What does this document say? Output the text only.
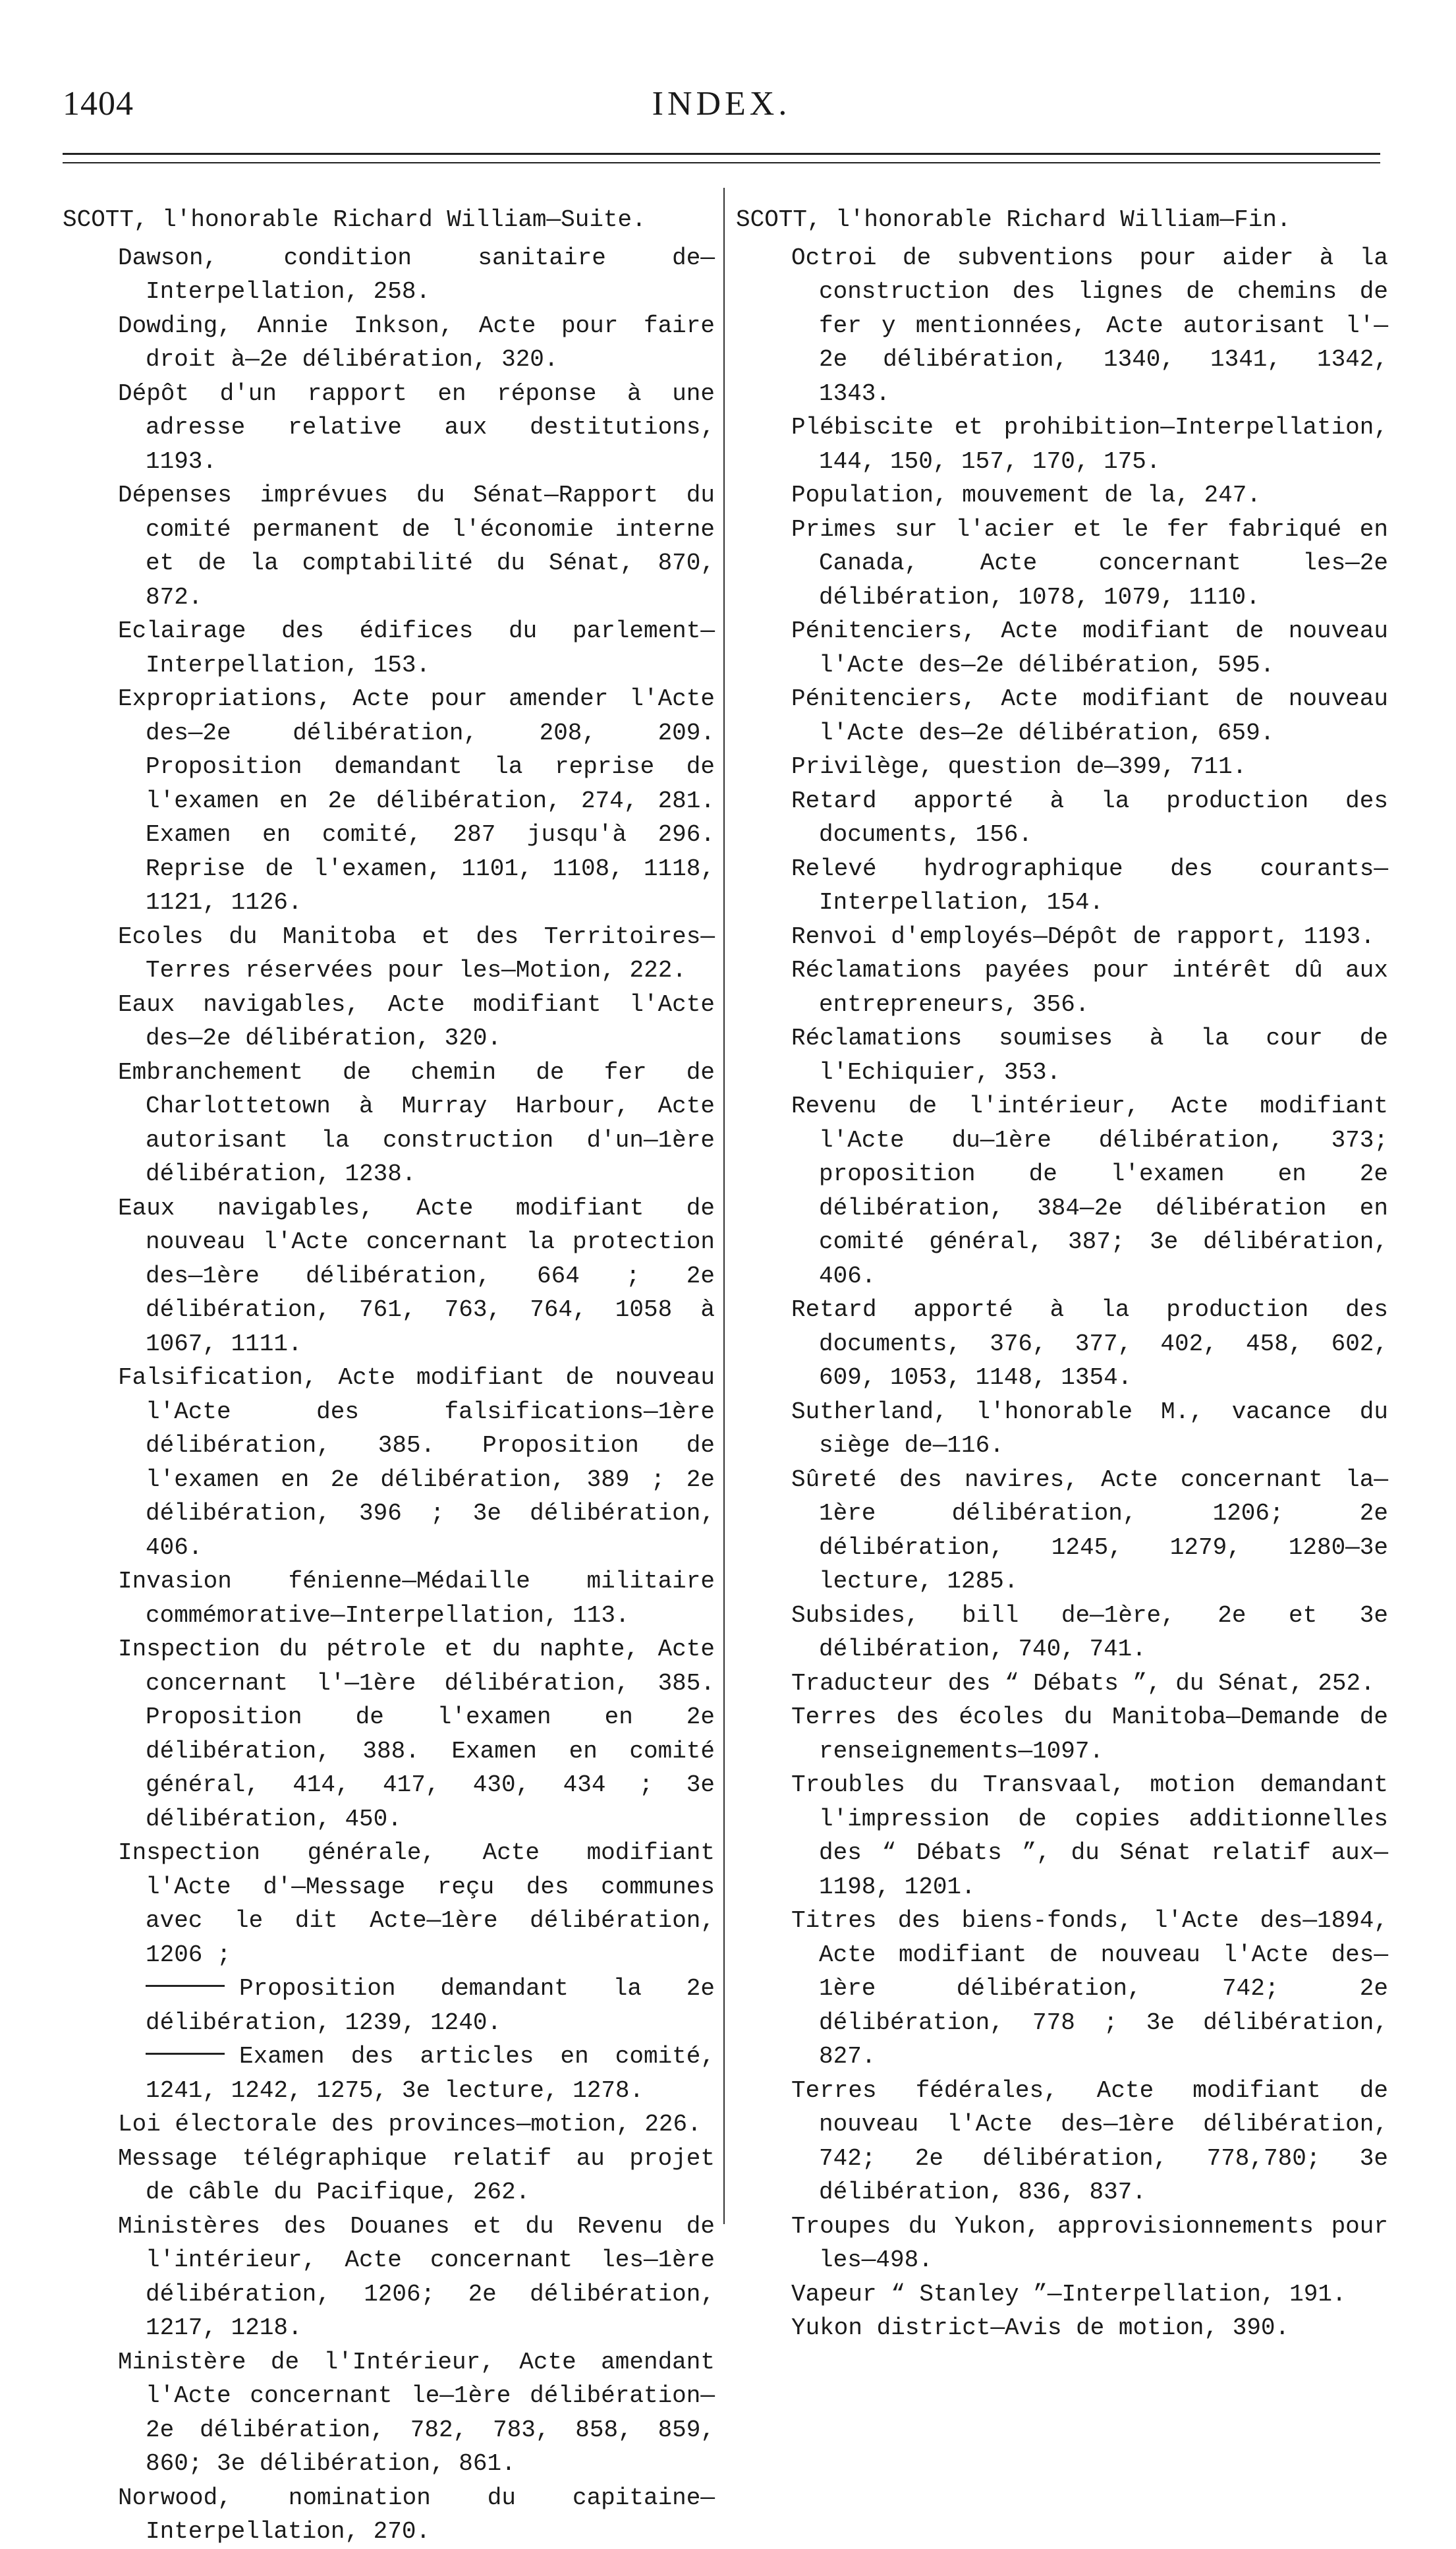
1404	INDEX.
SCOTT, l'honorable Richard William—Suite.
Dawson, condition sanitaire de—Interpellation, 258.
Dowding, Annie Inkson, Acte pour faire droit à—2e délibération, 320.
Dépôt d'un rapport en réponse à une adresse relative aux destitutions, 1193.
Dépenses imprévues du Sénat—Rapport du comité permanent de l'économie interne et de la comptabilité du Sénat, 870, 872.
Eclairage des édifices du parlement—Interpellation, 153.
Expropriations, Acte pour amender l'Acte des—2e délibération, 208, 209. Proposition demandant la reprise de l'examen en 2e délibération, 274, 281. Examen en comité, 287 jusqu'à 296. Reprise de l'examen, 1101, 1108, 1118, 1121, 1126.
Ecoles du Manitoba et des Territoires—Terres réservées pour les—Motion, 222.
Eaux navigables, Acte modifiant l'Acte des—2e délibération, 320.
Embranchement de chemin de fer de Charlottetown à Murray Harbour, Acte autorisant la construction d'un—1ère délibération, 1238.
Eaux navigables, Acte modifiant de nouveau l'Acte concernant la protection des—1ère délibération, 664 ; 2e délibération, 761, 763, 764, 1058 à 1067, 1111.
Falsification, Acte modifiant de nouveau l'Acte des falsifications—1ère délibération, 385. Proposition de l'examen en 2e délibération, 389 ; 2e délibération, 396 ; 3e délibération, 406.
Invasion fénienne—Médaille militaire commémorative—Interpellation, 113.
Inspection du pétrole et du naphte, Acte concernant l'—1ère délibération, 385. Proposition de l'examen en 2e délibération, 388. Examen en comité général, 414, 417, 430, 434 ; 3e délibération, 450.
Inspection générale, Acte modifiant l'Acte d'—Message reçu des communes avec le dit Acte—1ère délibération, 1206 ;
Proposition demandant la 2e délibération, 1239, 1240.
Examen des articles en comité, 1241, 1242, 1275, 3e lecture, 1278.
Loi électorale des provinces—motion, 226.
Message télégraphique relatif au projet de câble du Pacifique, 262.
Ministères des Douanes et du Revenu de l'intérieur, Acte concernant les—1ère délibération, 1206; 2e délibération, 1217, 1218.
Ministère de l'Intérieur, Acte amendant l'Acte concernant le—1ère délibération—2e délibération, 782, 783, 858, 859, 860; 3e délibération, 861.
Norwood, nomination du capitaine—Interpellation, 270.
SCOTT, l'honorable Richard William—Fin.
Octroi de subventions pour aider à la construction des lignes de chemins de fer y mentionnées, Acte autorisant l'—2e délibération, 1340, 1341, 1342, 1343.
Plébiscite et prohibition—Interpellation, 144, 150, 157, 170, 175.
Population, mouvement de la, 247.
Primes sur l'acier et le fer fabriqué en Canada, Acte concernant les—2e délibération, 1078, 1079, 1110.
Pénitenciers, Acte modifiant de nouveau l'Acte des—2e délibération, 595.
Pénitenciers, Acte modifiant de nouveau l'Acte des—2e délibération, 659.
Privilège, question de—399, 711.
Retard apporté à la production des documents, 156.
Relevé hydrographique des courants—Interpellation, 154.
Renvoi d'employés—Dépôt de rapport, 1193.
Réclamations payées pour intérêt dû aux entrepreneurs, 356.
Réclamations soumises à la cour de l'Echiquier, 353.
Revenu de l'intérieur, Acte modifiant l'Acte du—1ère délibération, 373; proposition de l'examen en 2e délibération, 384—2e délibération en comité général, 387; 3e délibération, 406.
Retard apporté à la production des documents, 376, 377, 402, 458, 602, 609, 1053, 1148, 1354.
Sutherland, l'honorable M., vacance du siège de—116.
Sûreté des navires, Acte concernant la—1ère délibération, 1206; 2e délibération, 1245, 1279, 1280—3e lecture, 1285.
Subsides, bill de—1ère, 2e et 3e délibération, 740, 741.
Traducteur des “ Débats ”, du Sénat, 252.
Terres des écoles du Manitoba—Demande de renseignements—1097.
Troubles du Transvaal, motion demandant l'impression de copies additionnelles des “ Débats ”, du Sénat relatif aux—1198, 1201.
Titres des biens-fonds, l'Acte des—1894, Acte modifiant de nouveau l'Acte des—1ère délibération, 742; 2e délibération, 778 ; 3e délibération, 827.
Terres fédérales, Acte modifiant de nouveau l'Acte des—1ère délibération, 742; 2e délibération, 778,780; 3e délibération, 836, 837.
Troupes du Yukon, approvisionnements pour les—498.
Vapeur “ Stanley ”—Interpellation, 191.
Yukon district—Avis de motion, 390.
